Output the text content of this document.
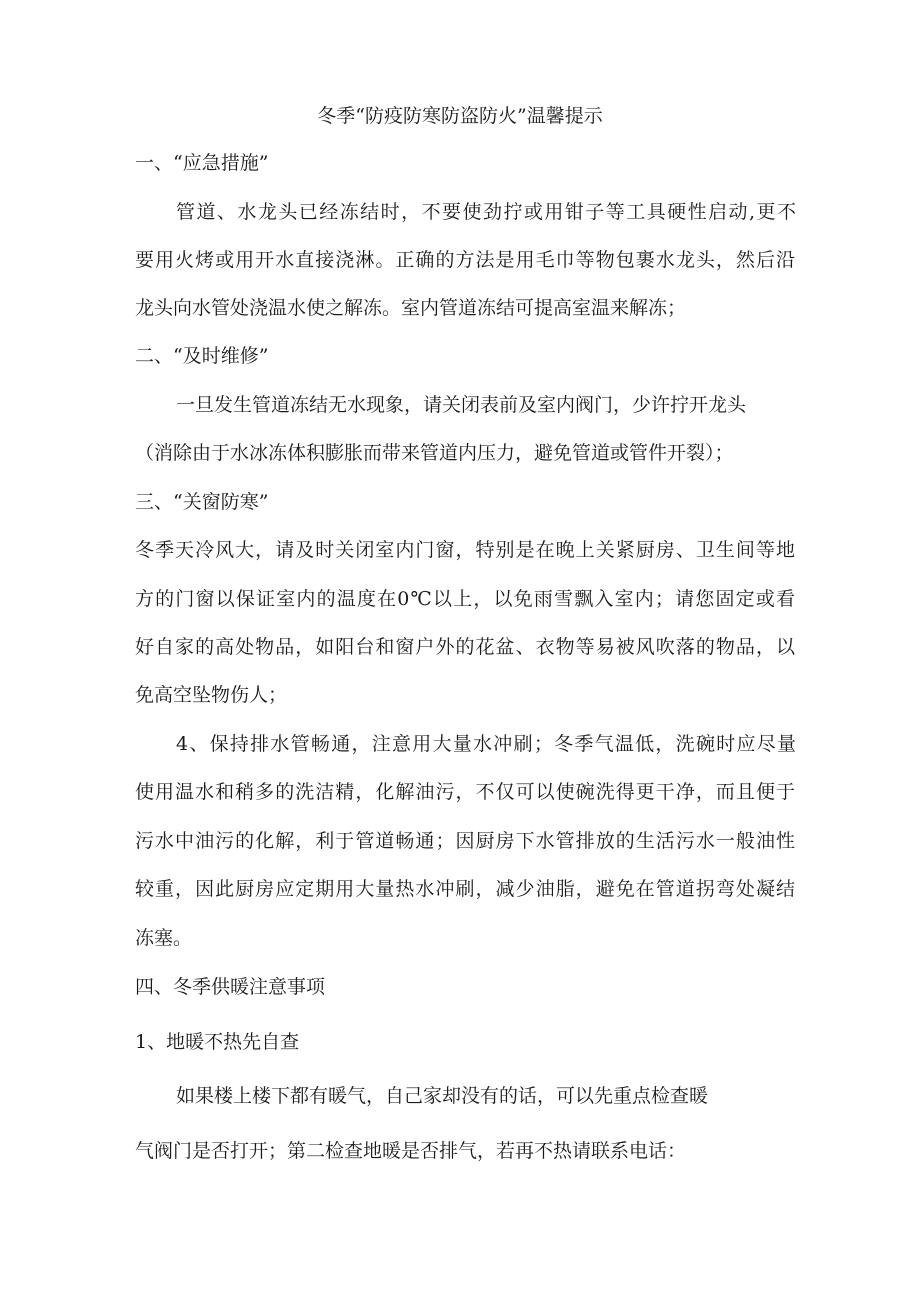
冬季“防疫防寒防盗防火”温馨提示
一、“应急措施”
管道、水龙头已经冻结时，不要使劲拧或用钳子等工具硬性启动,更不
要用火烤或用开水直接浇淋。正确的方法是用毛巾等物包裹水龙头，然后沿
龙头向水管处浇温水使之解冻。室内管道冻结可提高室温来解冻；
二、“及时维修”
一旦发生管道冻结无水现象，请关闭表前及室内阀门，少许拧开龙头
（消除由于水冰冻体积膨胀而带来管道内压力，避免管道或管件开裂）；
三、“关窗防寒”
冬季天冷风大，请及时关闭室内门窗，特别是在晚上关紧厨房、卫生间等地
方的门窗以保证室内的温度在0℃以上，以免雨雪飘入室内；请您固定或看
好自家的高处物品，如阳台和窗户外的花盆、衣物等易被风吹落的物品，以
免高空坠物伤人；
4、保持排水管畅通，注意用大量水冲刷；冬季气温低，洗碗时应尽量
使用温水和稍多的洗洁精，化解油污，不仅可以使碗洗得更干净，而且便于
污水中油污的化解，利于管道畅通；因厨房下水管排放的生活污水一般油性
较重，因此厨房应定期用大量热水冲刷，减少油脂，避免在管道拐弯处凝结
冻塞。
四、冬季供暖注意事项
1、地暖不热先自查
如果楼上楼下都有暖气，自己家却没有的话，可以先重点检查暖
气阀门是否打开；第二检查地暖是否排气，若再不热请联系电话：
